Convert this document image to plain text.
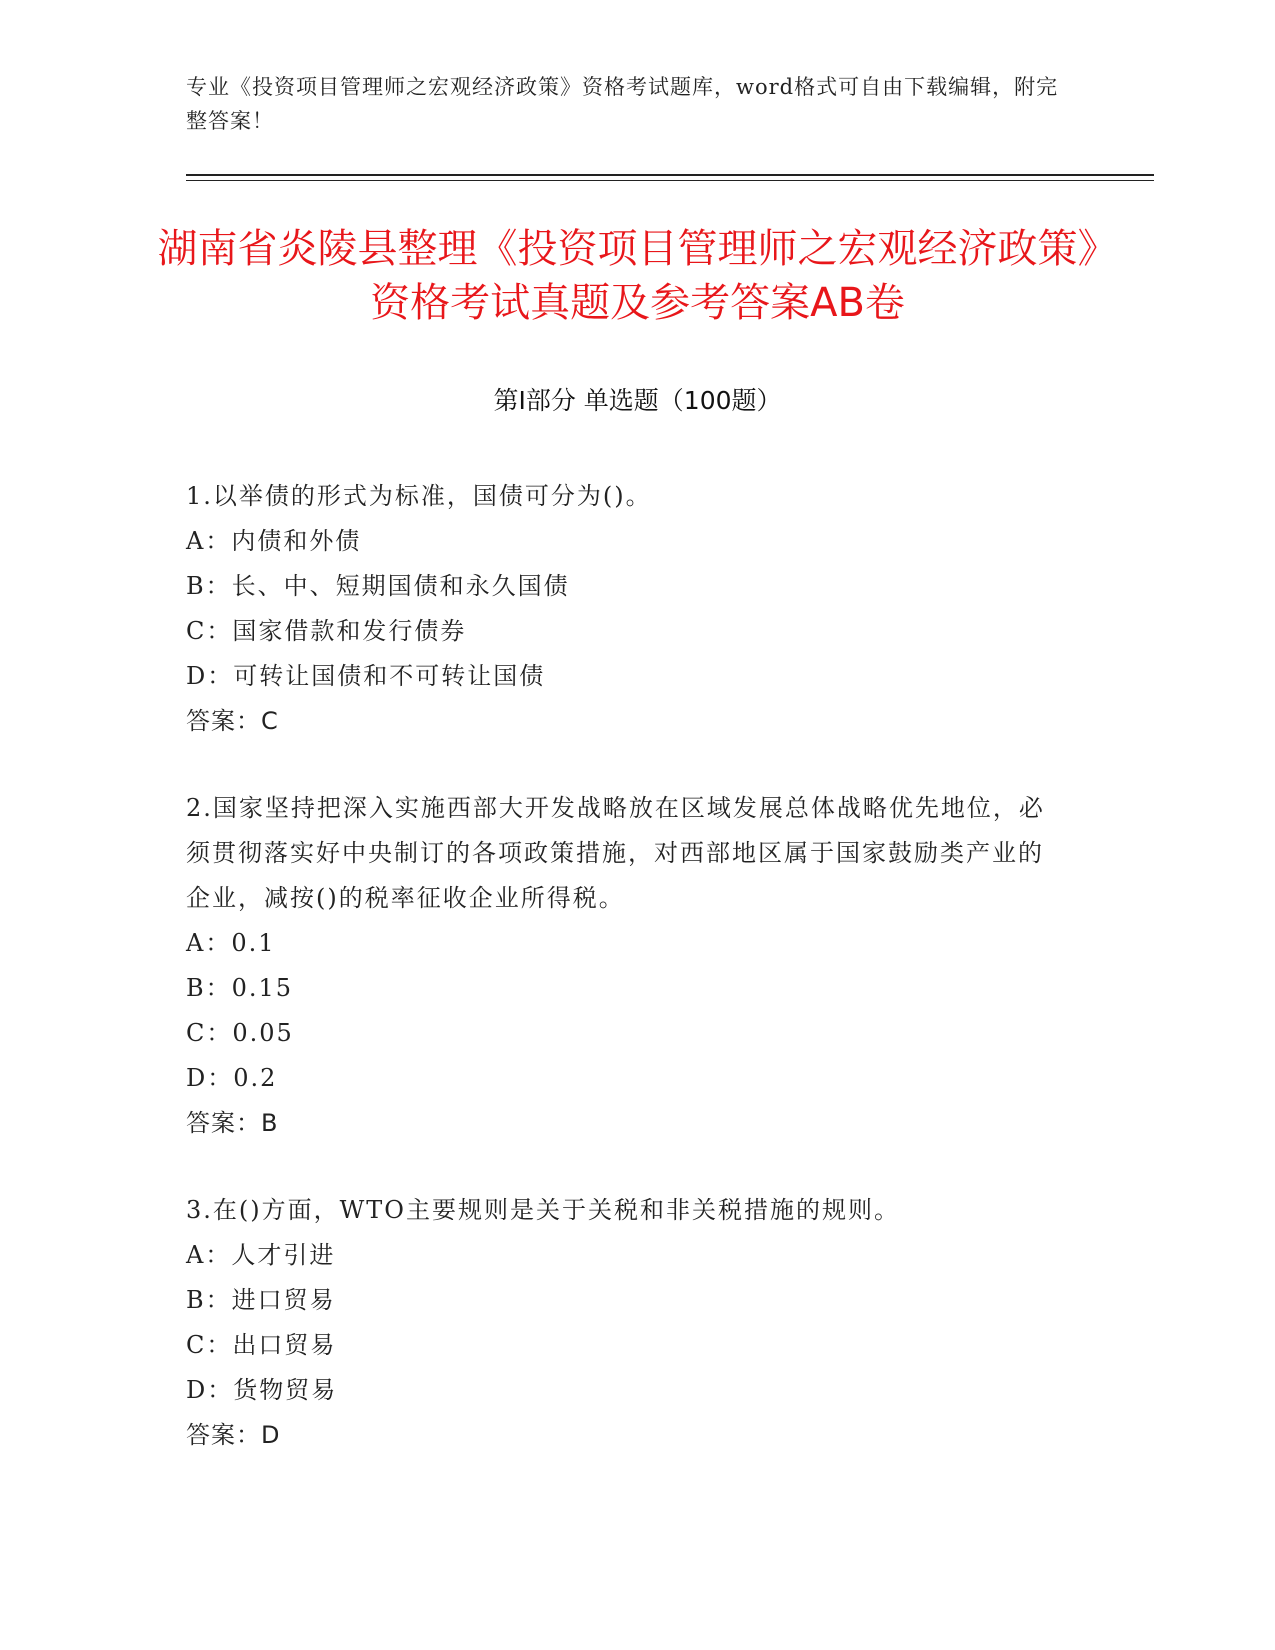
专业《投资项目管理师之宏观经济政策》资格考试题库，word格式可自由下载编辑，附完整答案！
湖南省炎陵县整理《投资项目管理师之宏观经济政策》资格考试真题及参考答案AB卷
第I部分 单选题（100题）
1.以举债的形式为标准，国债可分为()。
A：内债和外债
B：长、中、短期国债和永久国债
C：国家借款和发行债券
D：可转让国债和不可转让国债
答案：C
2.国家坚持把深入实施西部大开发战略放在区域发展总体战略优先地位，必须贯彻落实好中央制订的各项政策措施，对西部地区属于国家鼓励类产业的企业，减按()的税率征收企业所得税。
A：0.1
B：0.15
C：0.05
D：0.2
答案：B
3.在()方面，WTO主要规则是关于关税和非关税措施的规则。
A：人才引进
B：进口贸易
C：出口贸易
D：货物贸易
答案：D
